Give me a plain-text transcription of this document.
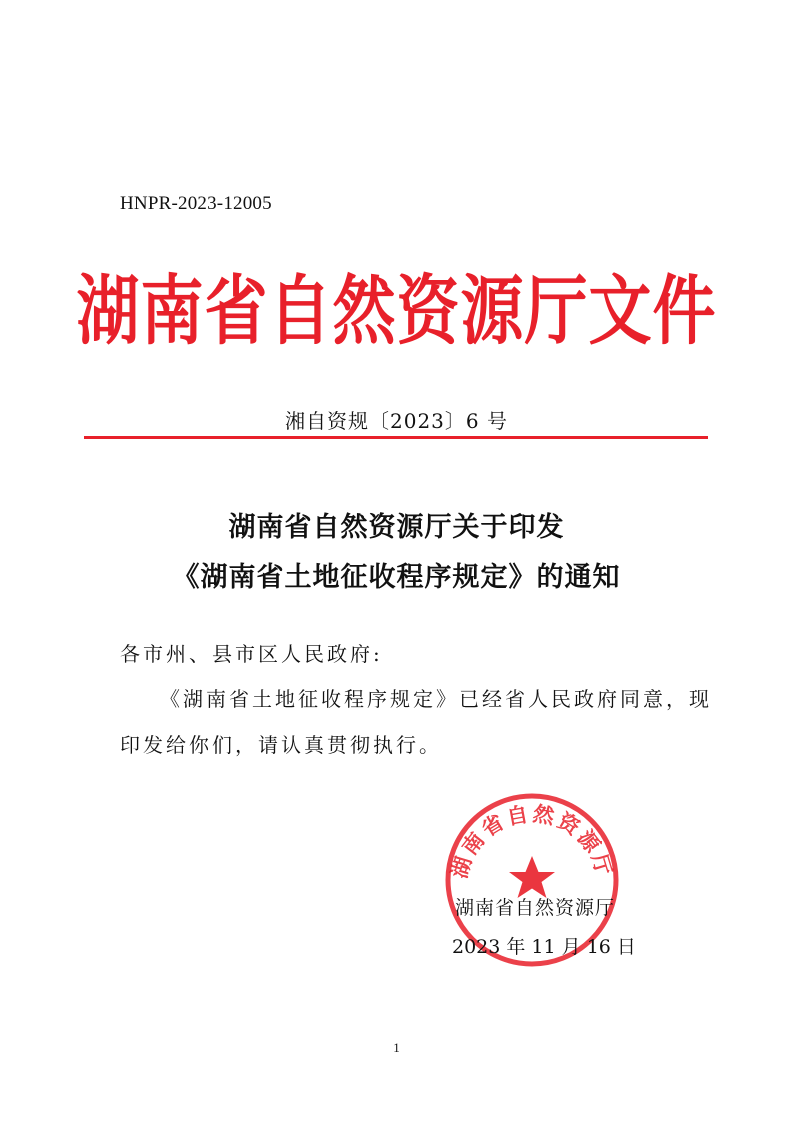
HNPR-2023-12005
湖南省自然资源厅文件
湘自资规〔2023〕6 号
湖南省自然资源厅关于印发
《湖南省土地征收程序规定》的通知
各市州、县市区人民政府:
《湖南省土地征收程序规定》已经省人民政府同意，现
印发给你们，请认真贯彻执行。
湖南省自然资源厅
湖南省自然资源厅
2023 年 11 月 16 日
1
